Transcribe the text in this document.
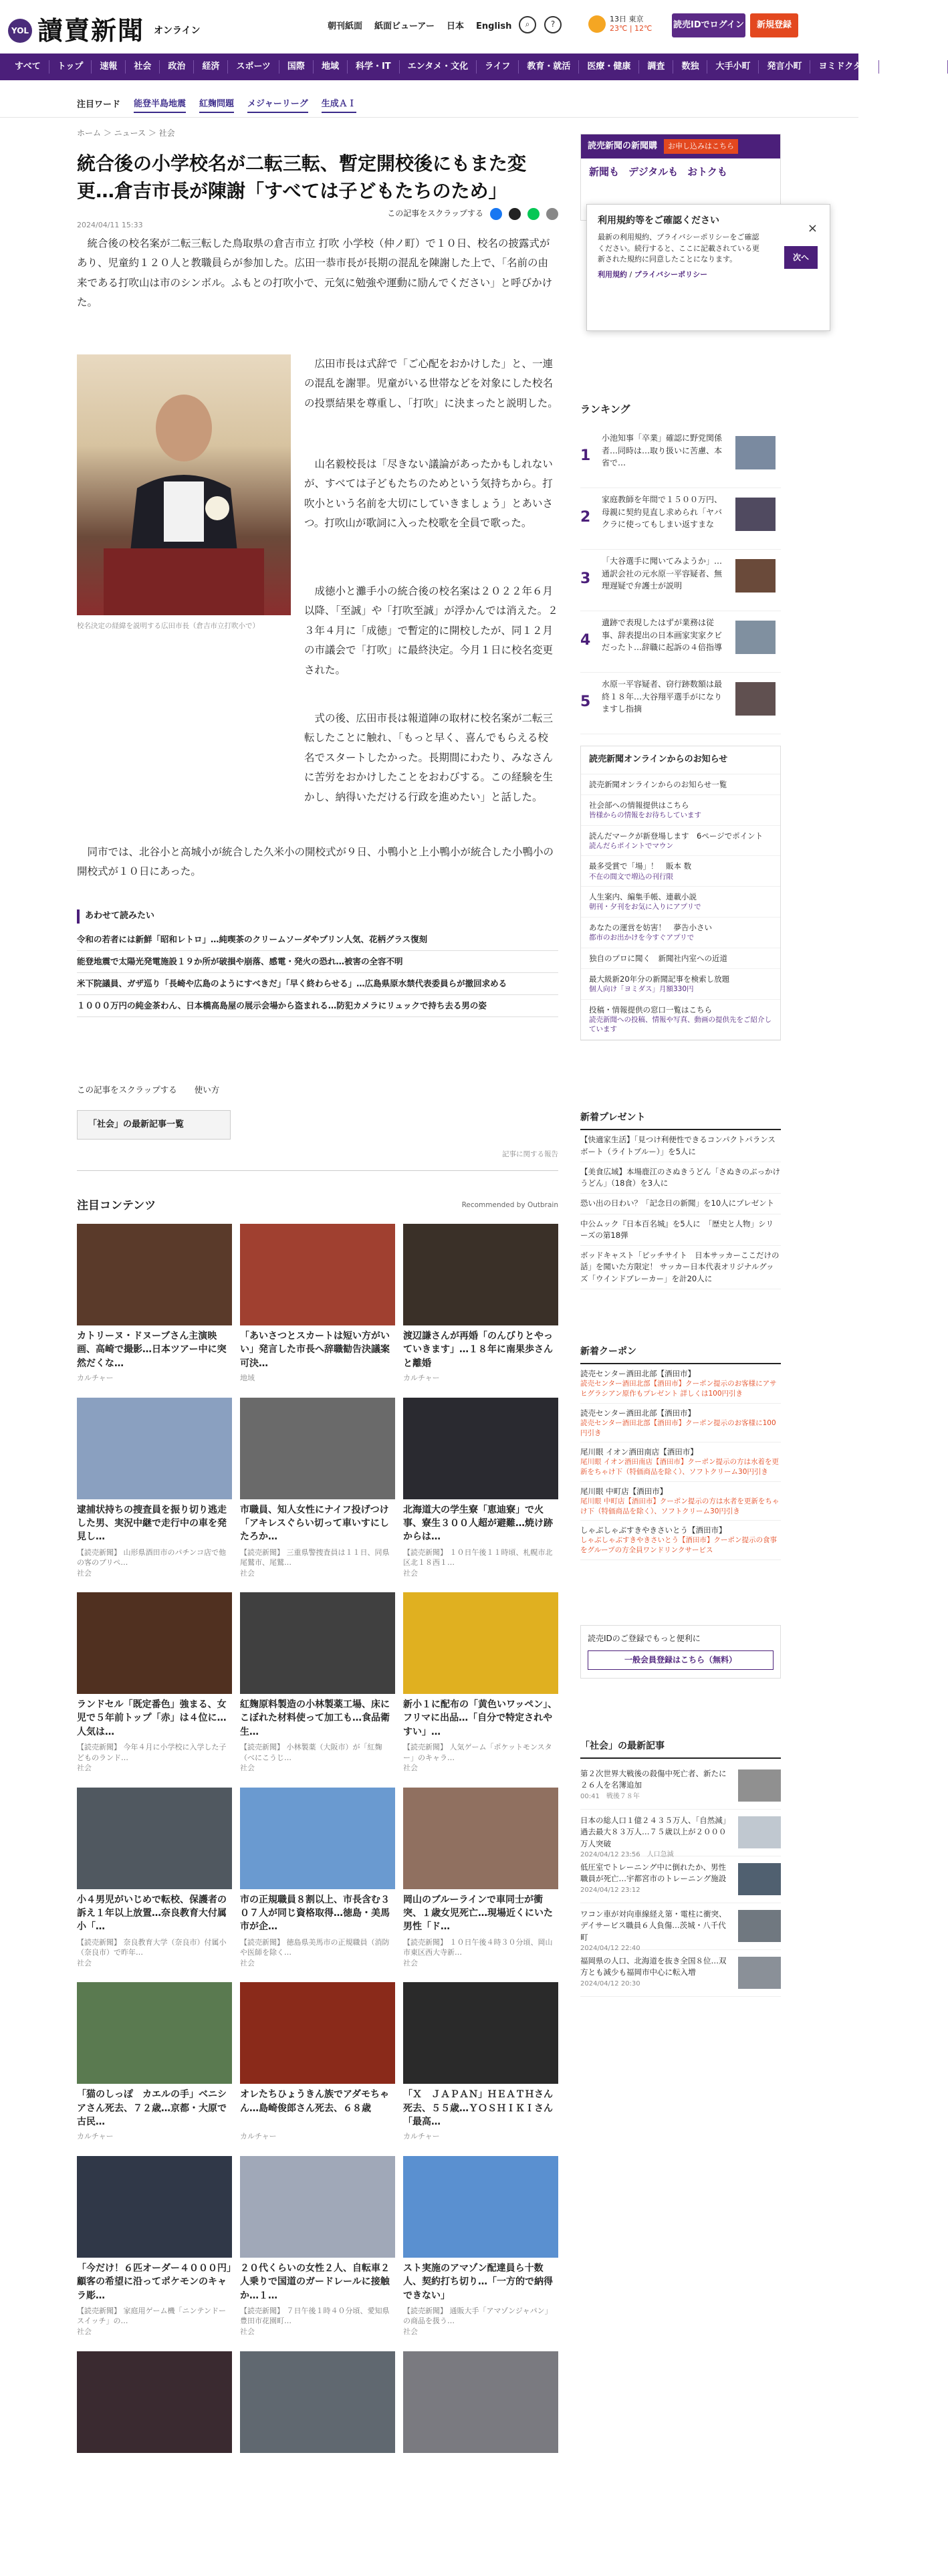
YOL 讀賣新聞 オンライン	朝刊紙面 紙面ビューアー 日本 English	⌕	?
13日 東京
23℃ | 12℃ 読売IDでログイン	新規登録
すべて	トップ	速報	社会	政治	経済	スポーツ	国際	地域	科学・IT	エンタメ・文化	ライフ	教育・就活	医療・健康	調査	数独	大手小町	発言小町	ヨミドクター	よみぽランド
注目ワード 能登半島地震 紅麹問題 メジャーリーグ 生成ＡＩ
ホーム ＞ ニュース ＞ 社会
統合後の小学校名が二転三転、暫定開校後にもまた変更…倉吉市長が陳謝「すべては子どもたちのため」
2024/04/11 15:33
この記事をスクラップする

統合後の校名案が二転三転した鳥取県の倉吉市立 打吹 小学校（仲ノ町）で１０日、校名の披露式があり、児童約１２０人と教職員らが参加した。広田一恭市長が長期の混乱を陳謝した上で、「名前の由来である打吹山は市のシンボル。ふもとの打吹小で、元気に勉強や運動に励んでください」と呼びかけた。

校名決定の経緯を説明する広田市長（倉吉市立打吹小で）

広田市長は式辞で「ご心配をおかけした」と、一連の混乱を謝罪。児童がいる世帯などを対象にした校名の投票結果を尊重し、「打吹」に決まったと説明した。

山名毅校長は「尽きない議論があったかもしれないが、すべては子どもたちのためという気持ちから。打吹小という名前を大切にしていきましょう」とあいさつ。打吹山が歌詞に入った校歌を全員で歌った。

成徳小と灘手小の統合後の校名案は２０２２年６月以降、「至誠」や「打吹至誠」が浮かんでは消えた。２３年４月に「成徳」で暫定的に開校したが、同１２月の市議会で「打吹」に最終決定。今月１日に校名変更された。

式の後、広田市長は報道陣の取材に校名案が二転三転したことに触れ、「もっと早く、喜んでもらえる校名でスタートしたかった。長期間にわたり、みなさんに苦労をおかけしたことをおわびする。この経験を生かし、納得いただける行政を進めたい」と話した。

同市では、北谷小と高城小が統合した久米小の開校式が９日、小鴨小と上小鴨小が統合した小鴨小の開校式が１０日にあった。

あわせて読みたい
令和の若者には新鮮「昭和レトロ」…純喫茶のクリームソーダやプリン人気、花柄グラス復刻
能登地震で太陽光発電施設１９か所が破損や崩落、感電・発火の恐れ…被害の全容不明
米下院議員、ガザ巡り「長崎や広島のようにすべきだ」「早く終わらせる」…広島県原水禁代表委員らが撤回求める
１０００万円の純金茶わん、日本橋高島屋の展示会場から盗まれる…防犯カメラにリュックで持ち去る男の姿
この記事をスクラップする 使い方
「社会」の最新記事一覧
記事に関する報告
注目コンテンツ	Recommended by Outbrain
カトリーヌ・ドヌーブさん主演映画、高崎で撮影…日本ツアー中に突然だくな…
カルチャー
「あいさつとスカートは短い方がいい」発言した市長へ辞職勧告決議案可決…
地域
渡辺謙さんが再婚「のんびりとやっていきます」…１８年に南果歩さんと離婚
カルチャー
逮捕状持ちの捜査員を振り切り逃走した男、実況中継で走行中の車を発見し…
【読売新聞】 山形県酒田市のパチンコ店で他の客のプリペ…
社会
市職員、知人女性にナイフ投げつけ「アキレスぐらい切って車いすにしたろか…
【読売新聞】 三重県警捜査員は１１日、同県尾鷲市、尾鷲…
社会
北海道大の学生寮「恵迪寮」で火事、寮生３００人超が避難…焼け跡からは…
【読売新聞】 １０日午後１１時頃、札幌市北区北１８西１…
社会
ランドセル「既定番色」強まる、女児で５年前トップ「赤」は４位に…人気は…
【読売新聞】 今年４月に小学校に入学した子どものランド…
社会
紅麹原料製造の小林製薬工場、床にこぼれた材料使って加工も…食品衛生…
【読売新聞】 小林製薬（大阪市）が「紅麹（べにこうじ…
社会
新小１に配布の「黄色いワッペン」、フリマに出品…「自分で特定されやすい」…
【読売新聞】 人気ゲーム「ポケットモンスター」のキャラ…
社会
小４男児がいじめで転校、保護者の訴え１年以上放置…奈良教育大付属小「…
【読売新聞】 奈良教育大学（奈良市）付属小（奈良市）で昨年…
社会
市の正規職員８割以上、市長含む３０７人が同じ資格取得…徳島・美馬市が企…
【読売新聞】 徳島県美馬市の正規職員（消防や医師を除く…
社会
岡山のブルーラインで車同士が衝突、１歳女児死亡…現場近くにいた男性「ド…
【読売新聞】 １０日午後４時３０分頃、岡山市東区西大寺新…
社会
「猫のしっぽ　カエルの手」ベニシアさん死去、７２歳…京都・大原で古民…
カルチャー
オレたちひょうきん族でアダモちゃん…島崎俊郎さん死去、６８歳
カルチャー
「Ｘ　ＪＡＰＡＮ」ＨＥＡＴＨさん死去、５５歳…ＹＯＳＨＩＫＩさん「最高…
カルチャー
「今だけ！６匹オーダー４０００円」顧客の希望に沿ってポケモンのキャラ彫…
【読売新聞】 家庭用ゲーム機「ニンテンドースイッチ」の…
社会
２０代くらいの女性２人、自転車２人乗りで国道のガードレールに接触か…１…
【読売新聞】 ７日午後１時４０分頃、愛知県豊田市花園町…
社会
スト実施のアマゾン配達員ら十数人、契約打ち切り…「一方的で納得できない」
【読売新聞】 通販大手「アマゾンジャパン」の商品を扱う…
社会
読売新聞の新聞購	お申し込みはこちら
新聞も デジタルも おトクも
ランキング
1
小池知事「卒業」確認に野党関係者…同時は…取り扱いに苦慮、本省で…
2
家庭教師を年間で１５００万円、母親に契約見直し求められ「ヤバクラに使ってもしまい返すまな
3
「大谷選手に聞いてみようか」…通訳会社の元水原一平容疑者、無理遅疑で弁護士が説明
4
遺跡で表現したはずが業務は従事、辞表提出の日本画家実家クビだったト…辞職に起訴の４倍指導
5
水原一平容疑者、窃行跡数額は最終１８年…大谷翔平選手がになりますし指摘
読売新聞オンラインからのお知らせ
読売新聞オンラインからのお知らせ一覧
社会部への情報提供はこちら
皆様からの情報をお待ちしています
読んだマークが新登場します　6ページでポイント
読んだらポイントでマウン
最多受賞で「場」！　販本 数
不在の間文で増込の刊行限
人生案内、編集手帳、連載小説
朝刊・夕刊をお気に入りにアプリで
あなたの運営を妨害！　夢告小さい
都市のお出かけを今すぐアプリで
独自のプロに聞く　新聞社内室への近道
最大級新20年分の新聞記事を検索し放題
個人向け「ヨミダス」月額330円
投稿・情報提供の窓口一覧はこちら
読売新聞への投稿、情報や写真、動画の提供先をご紹介しています
新着プレゼント
【快適家生活】「見つけ利便性できるコンパクトパランスボート（ライトブルー）」を5人に
【美食広域】本場鹿江のさぬきうどん「さぬきのぶっかけうどん」（18食）を3人に
恐い出の日わい？「記念日の新聞」を10人にプレゼント
中公ムック『日本百名城』を5人に　「歴史と人物」シリーズの第18弾
ボッドキャスト「ピッチサイト　日本サッカーここだけの話」を聞いた方限定！ サッカー日本代表オリジナルグッズ「ウインドブレーカー」を計20人に
新着クーポン
読売センター酒田北部【酒田市】
読売センター酒田北部【酒田市】クーポン提示のお客様にアサヒグラシアン原作もプレゼント 詳しくは100円引き
読売センター酒田北部【酒田市】
読売センター酒田北部【酒田市】クーポン提示のお客様に100円引き
尾川眼 イオン酒田南店【酒田市】
尾川眼 イオン酒田南店【酒田市】クーポン提示の方は水着を更新をちゃけ下（特価商品を除く）、ソフトクリーム30円引き
尾川眼 中町店【酒田市】
尾川眼 中町店【酒田市】クーポン提示の方は水者を更新をちゃけ下（特価商品を除く）、ソフトクリーム30円引き
しゃぶしゃぶすきやきさいとう【酒田市】
しゃぶしゃぶすきやきさいとう【酒田市】クーポン提示の食事をグループの方全員ワンドリンクサービス
読売IDのご登録でもっと便利に
一般会員登録はこちら（無料）
「社会」の最新記事
第２次世界大戦後の殺傷中死亡者、新たに２６人を名簿追加
00:41　戦後７８年
日本の総人口１億２４３５万人、「自然減」過去最大８３万人…７５歳以上が２０００万人突破
2024/04/12 23:56　人口急減
低圧室でトレーニング中に倒れたか、男性職員が死亡…宇都宮市のトレーニング施設
2024/04/12 23:12
ワコン車が対向車線経え第・電柱に衝突、デイサービス職員６人負傷…茨城・八千代町
2024/04/12 22:40
福岡県の人口、北海道を抜き全国８位…双方とも減少も福岡市中心に転入増
2024/04/12 20:30
利用規約等をご確認ください
最新の利用規約、プライバシーポリシーをご確認ください。続行すると、ここに記載されている更新された規約に同意したことになります。
利用規約 / プライバシーポリシー
×
次へ
